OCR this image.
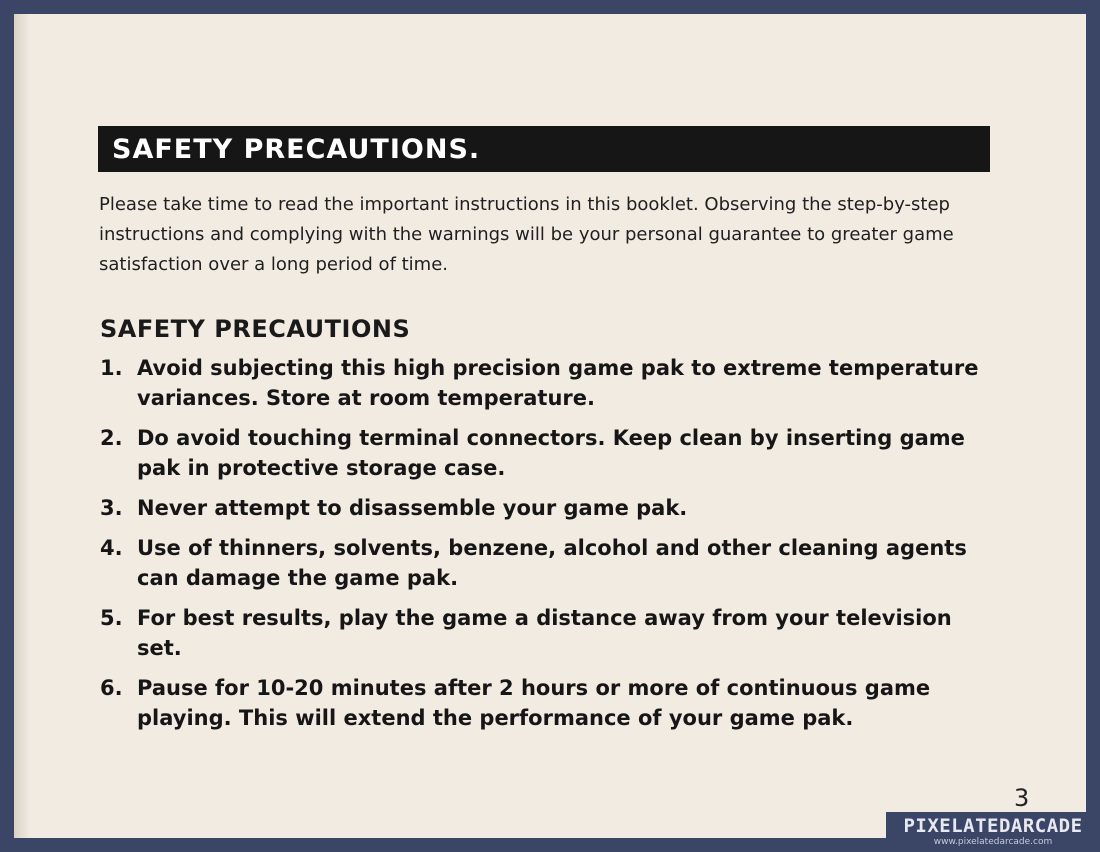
SAFETY PRECAUTIONS.
Please take time to read the important instructions in this booklet. Observing the step-by-step instructions and complying with the warnings will be your personal guarantee to greater game satisfaction over a long period of time.
SAFETY PRECAUTIONS
1. Avoid subjecting this high precision game pak to extreme temperature variances. Store at room temperature.
2. Do avoid touching terminal connectors. Keep clean by inserting game pak in protective storage case.
3. Never attempt to disassemble your game pak.
4. Use of thinners, solvents, benzene, alcohol and other cleaning agents can damage the game pak.
5. For best results, play the game a distance away from your television set.
6. Pause for 10-20 minutes after 2 hours or more of continuous game playing. This will extend the performance of your game pak.
3
PIXELATEDARCADE
www.pixelatedarcade.com
